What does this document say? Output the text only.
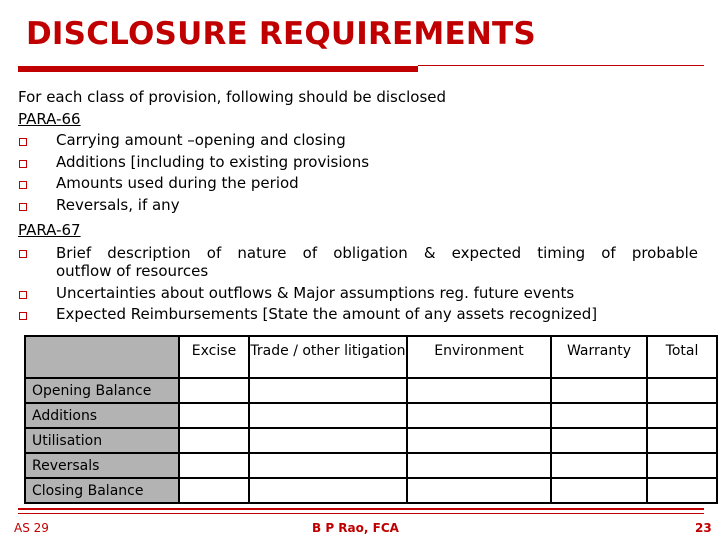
DISCLOSURE REQUIREMENTS
For each class of provision, following should be disclosed
PARA-66
Carrying amount –opening and closing
Additions [including to existing provisions
Amounts used during the period
Reversals, if any
PARA-67
Brief description of nature of obligation & expected timing of probable
outflow of resources
Uncertainties about outflows & Major assumptions reg. future events
Expected Reimbursements [State the amount of any assets recognized]
	Excise	Trade / other litigation	Environment	Warranty	Total
Opening Balance					
Additions					
Utilisation					
Reversals					
Closing Balance					
AS 29	B P Rao, FCA	23
